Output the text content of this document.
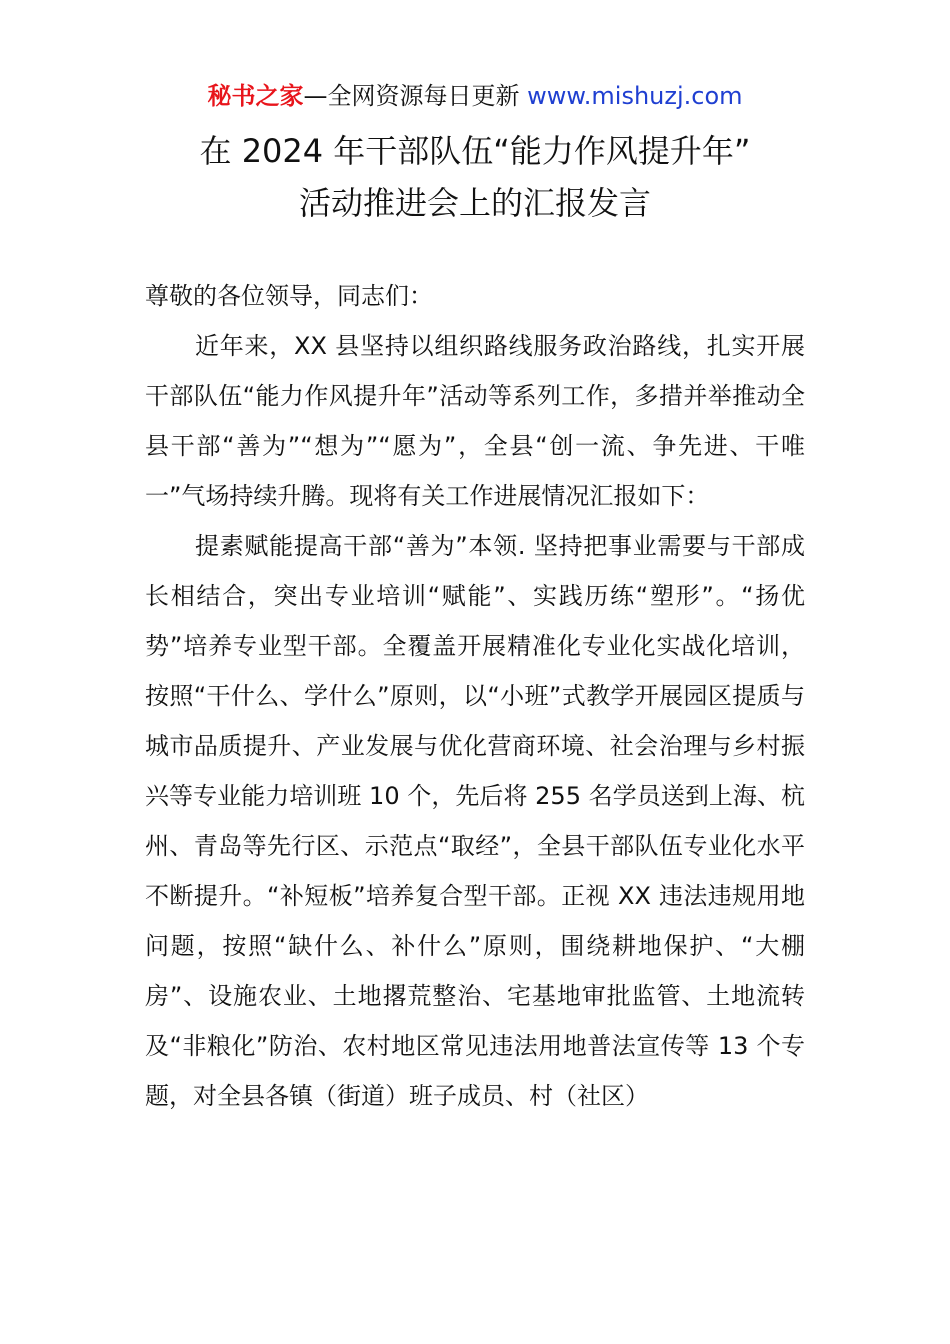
秘书之家—全网资源每日更新 www.mishuzj.com
在 2024 年干部队伍“能力作风提升年”
活动推进会上的汇报发言

尊敬的各位领导，同志们：

近年来，XX 县坚持以组织路线服务政治路线，扎实开展干部队伍“能力作风提升年”活动等系列工作，多措并举推动全县干部“善为”“想为”“愿为”，全县“创一流、争先进、干唯一”气场持续升腾。现将有关工作进展情况汇报如下：

提素赋能提高干部“善为”本领. 坚持把事业需要与干部成长相结合，突出专业培训“赋能”、实践历练“塑形”。“扬优势”培养专业型干部。全覆盖开展精准化专业化实战化培训，按照“干什么、学什么”原则，以“小班”式教学开展园区提质与城市品质提升、产业发展与优化营商环境、社会治理与乡村振兴等专业能力培训班 10 个，先后将 255 名学员送到上海、杭州、青岛等先行区、示范点“取经”，全县干部队伍专业化水平不断提升。“补短板”培养复合型干部。正视 XX 违法违规用地问题，按照“缺什么、补什么”原则，围绕耕地保护、“大棚房”、设施农业、土地撂荒整治、宅基地审批监管、土地流转及“非粮化”防治、农村地区常见违法用地普法宣传等 13 个专题，对全县各镇（街道）班子成员、村（社区）
